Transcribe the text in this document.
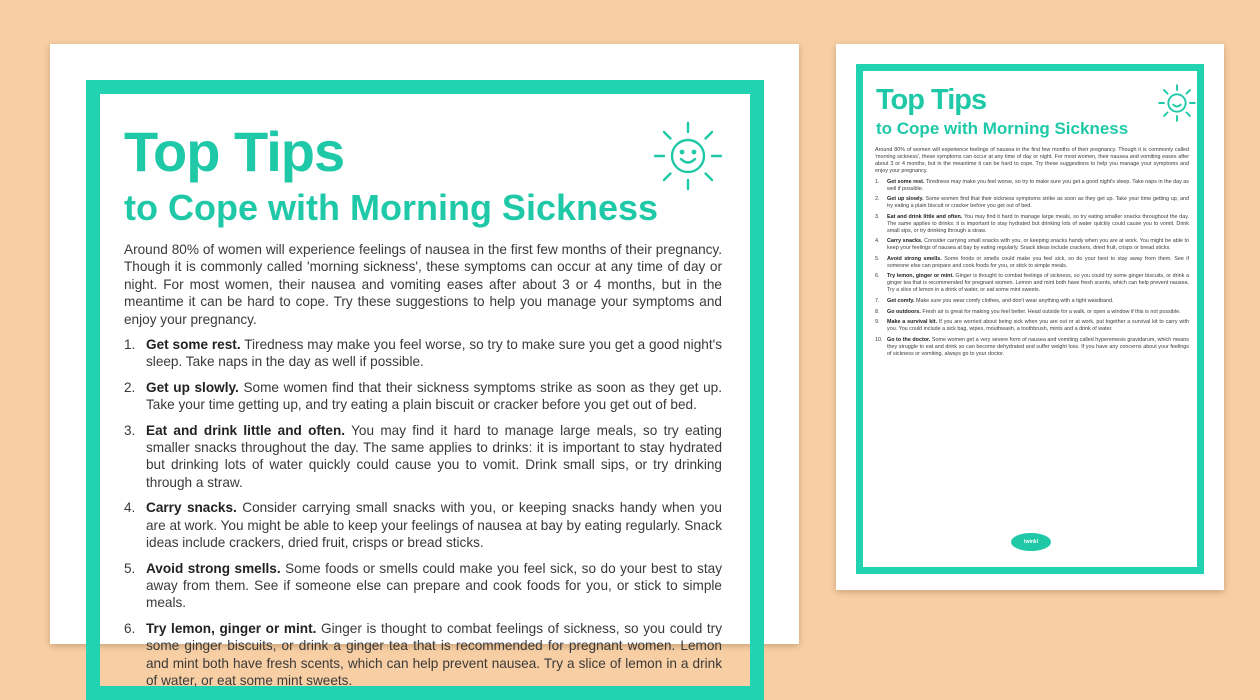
Top Tips
to Cope with Morning Sickness

Around 80% of women will experience feelings of nausea in the first few months of their pregnancy. Though it is commonly called 'morning sickness', these symptoms can occur at any time of day or night. For most women, their nausea and vomiting eases after about 3 or 4 months, but in the meantime it can be hard to cope. Try these suggestions to help you manage your symptoms and enjoy your pregnancy.

1. Get some rest. Tiredness may make you feel worse, so try to make sure you get a good night's sleep. Take naps in the day as well if possible.
2. Get up slowly. Some women find that their sickness symptoms strike as soon as they get up. Take your time getting up, and try eating a plain biscuit or cracker before you get out of bed.
3. Eat and drink little and often. You may find it hard to manage large meals, so try eating smaller snacks throughout the day. The same applies to drinks: it is important to stay hydrated but drinking lots of water quickly could cause you to vomit. Drink small sips, or try drinking through a straw.
4. Carry snacks. Consider carrying small snacks with you, or keeping snacks handy when you are at work. You might be able to keep your feelings of nausea at bay by eating regularly. Snack ideas include crackers, dried fruit, crisps or bread sticks.
5. Avoid strong smells. Some foods or smells could make you feel sick, so do your best to stay away from them. See if someone else can prepare and cook foods for you, or stick to simple meals.
6. Try lemon, ginger or mint. Ginger is thought to combat feelings of sickness, so you could try some ginger biscuits, or drink a ginger tea that is recommended for pregnant women. Lemon and mint both have fresh scents, which can help prevent nausea. Try a slice of lemon in a drink of water, or eat some mint sweets.
Top Tips
to Cope with Morning Sickness

Around 80% of women will experience feelings of nausea in the first few months of their pregnancy. Though it is commonly called 'morning sickness', these symptoms can occur at any time of day or night. For most women, their nausea and vomiting eases after about 3 or 4 months, but in the meantime it can be hard to cope. Try these suggestions to help you manage your symptoms and enjoy your pregnancy.

1.	Get some rest. Tiredness may make you feel worse, so try to make sure you get a good night's sleep. Take naps in the day as well if possible.
2.	Get up slowly. Some women find that their sickness symptoms strike as soon as they get up. Take your time getting up, and try eating a plain biscuit or cracker before you get out of bed.
3.	Eat and drink little and often. You may find it hard to manage large meals, so try eating smaller snacks throughout the day. The same applies to drinks: it is important to stay hydrated but drinking lots of water quickly could cause you to vomit. Drink small sips, or try drinking through a straw.
4.	Carry snacks. Consider carrying small snacks with you, or keeping snacks handy when you are at work. You might be able to keep your feelings of nausea at bay by eating regularly. Snack ideas include crackers, dried fruit, crisps or bread sticks.
5.	Avoid strong smells. Some foods or smells could make you feel sick, so do your best to stay away from them. See if someone else can prepare and cook foods for you, or stick to simple meals.
6.	Try lemon, ginger or mint. Ginger is thought to combat feelings of sickness, so you could try some ginger biscuits, or drink a ginger tea that is recommended for pregnant women. Lemon and mint both have fresh scents, which can help prevent nausea. Try a slice of lemon in a drink of water, or eat some mint sweets.
7.	Get comfy. Make sure you wear comfy clothes, and don't wear anything with a tight waistband.
8.	Go outdoors. Fresh air is great for making you feel better. Head outside for a walk, or open a window if this is not possible.
9.	Make a survival kit. If you are worried about being sick when you are out or at work, put together a survival kit to carry with you. You could include a sick bag, wipes, mouthwash, a toothbrush, mints and a drink of water.
10. Go to the doctor. Some women get a very severe form of nausea and vomiting called hyperemesis gravidarum, which means they struggle to eat and drink so can become dehydrated and suffer weight loss. If you have any concerns about your feelings of sickness or vomiting, always go to your doctor.
twinkl
